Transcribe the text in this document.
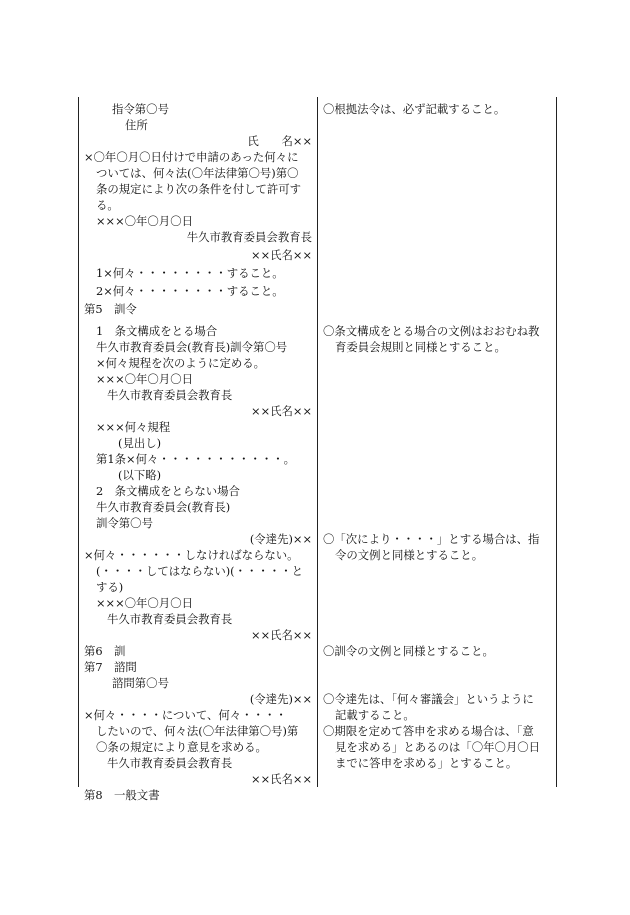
指令第〇号
住所
氏　　名××
×〇年〇月〇日付けで申請のあった何々に
ついては、何々法(〇年法律第〇号)第〇
条の規定により次の条件を付して許可す
る。
×××〇年〇月〇日
牛久市教育委員会教育長
××氏名××
1×何々・・・・・・・・すること。
2×何々・・・・・・・・すること。
第5　訓令
1　条文構成をとる場合
牛久市教育委員会(教育長)訓令第〇号
×何々規程を次のように定める。
×××〇年〇月〇日
牛久市教育委員会教育長
××氏名××
×××何々規程
(見出し)
第1条×何々・・・・・・・・・・・。
(以下略)
2　条文構成をとらない場合
牛久市教育委員会(教育長)
訓令第〇号
(令達先)××
×何々・・・・・・しなければならない。
(・・・・してはならない)(・・・・・と
する)
×××〇年〇月〇日
牛久市教育委員会教育長
××氏名××
第6　訓
第7　諮問
諮問第〇号
(令達先)××
×何々・・・・について、何々・・・・
したいので、何々法(〇年法律第〇号)第
〇条の規定により意見を求める。
牛久市教育委員会教育長
××氏名××
第8　一般文書
〇根拠法令は、必ず記載すること。
〇条文構成をとる場合の文例はおおむね教
育委員会規則と同様とすること。
〇「次により・・・・」とする場合は、指
令の文例と同様とすること。
〇訓令の文例と同様とすること。
〇令達先は、「何々審議会」というように
記載すること。
〇期限を定めて答申を求める場合は、「意
見を求める」とあるのは「〇年〇月〇日
までに答申を求める」とすること。
